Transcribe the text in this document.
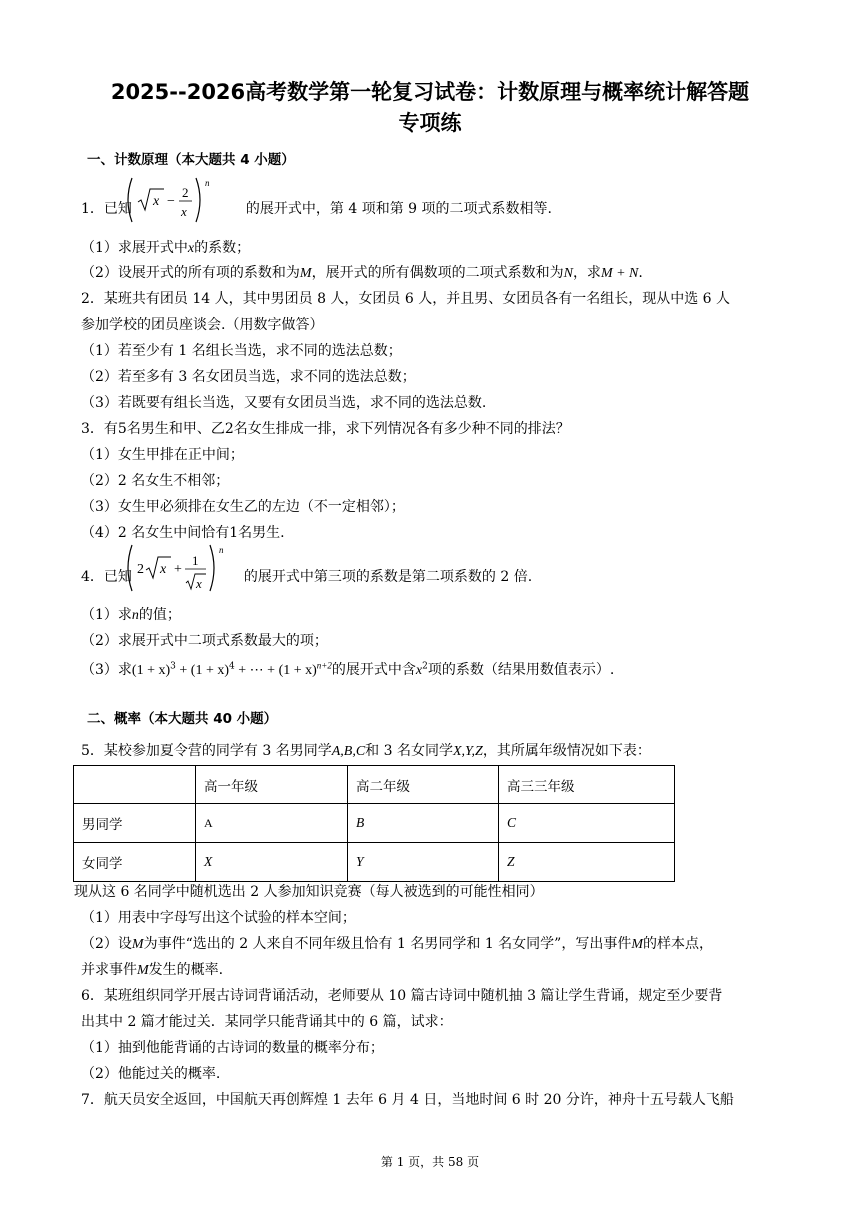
2025--2026高考数学第一轮复习试卷：计数原理与概率统计解答题
专项练
一、计数原理（本大题共 4 小题）
1．已知	的展开式中，第 4 项和第 9 项的二项式系数相等.
x −
2
x
n
（1）求展开式中x的系数；
（2）设展开式的所有项的系数和为M，展开式的所有偶数项的二项式系数和为N，求M + N.
2．某班共有团员 14 人，其中男团员 8 人，女团员 6 人，并且男、女团员各有一名组长，现从中选 6 人
参加学校的团员座谈会.（用数字做答）
（1）若至少有 1 名组长当选，求不同的选法总数；
（2）若至多有 3 名女团员当选，求不同的选法总数；
（3）若既要有组长当选，又要有女团员当选，求不同的选法总数.
3．有5名男生和甲、乙2名女生排成一排，求下列情况各有多少种不同的排法？
（1）女生甲排在正中间；
（2）2 名女生不相邻；
（3）女生甲必须排在女生乙的左边（不一定相邻）；
（4）2 名女生中间恰有1名男生.
4．已知	的展开式中第三项的系数是第二项系数的 2 倍.
2 x +
1
x
n
（1）求n的值；
（2）求展开式中二项式系数最大的项；
（3）求$(1 + x)^3 + (1 + x)^4$ + ⋯ + $(1 + x)^{n+2}$的展开式中含$x^2$项的系数（结果用数值表示）.
二、概率（本大题共 40 小题）
5．某校参加夏令营的同学有 3 名男同学A,B,C和 3 名女同学X,Y,Z，其所属年级情况如下表：
	高一年级	高二年级	高三三年级
男同学	A	B	C
女同学	X	Y	Z
现从这 6 名同学中随机选出 2 人参加知识竞赛（每人被选到的可能性相同）
（1）用表中字母写出这个试验的样本空间；
（2）设M为事件“选出的 2 人来自不同年级且恰有 1 名男同学和 1 名女同学”，写出事件M的样本点，
并求事件M发生的概率.
6．某班组织同学开展古诗词背诵活动，老师要从 10 篇古诗词中随机抽 3 篇让学生背诵，规定至少要背
出其中 2 篇才能过关．某同学只能背诵其中的 6 篇，试求：
（1）抽到他能背诵的古诗词的数量的概率分布；
（2）他能过关的概率.
7．航天员安全返回，中国航天再创辉煌 1 去年 6 月 4 日，当地时间 6 时 20 分许，神舟十五号载人飞船
第 1 页，共 58 页
